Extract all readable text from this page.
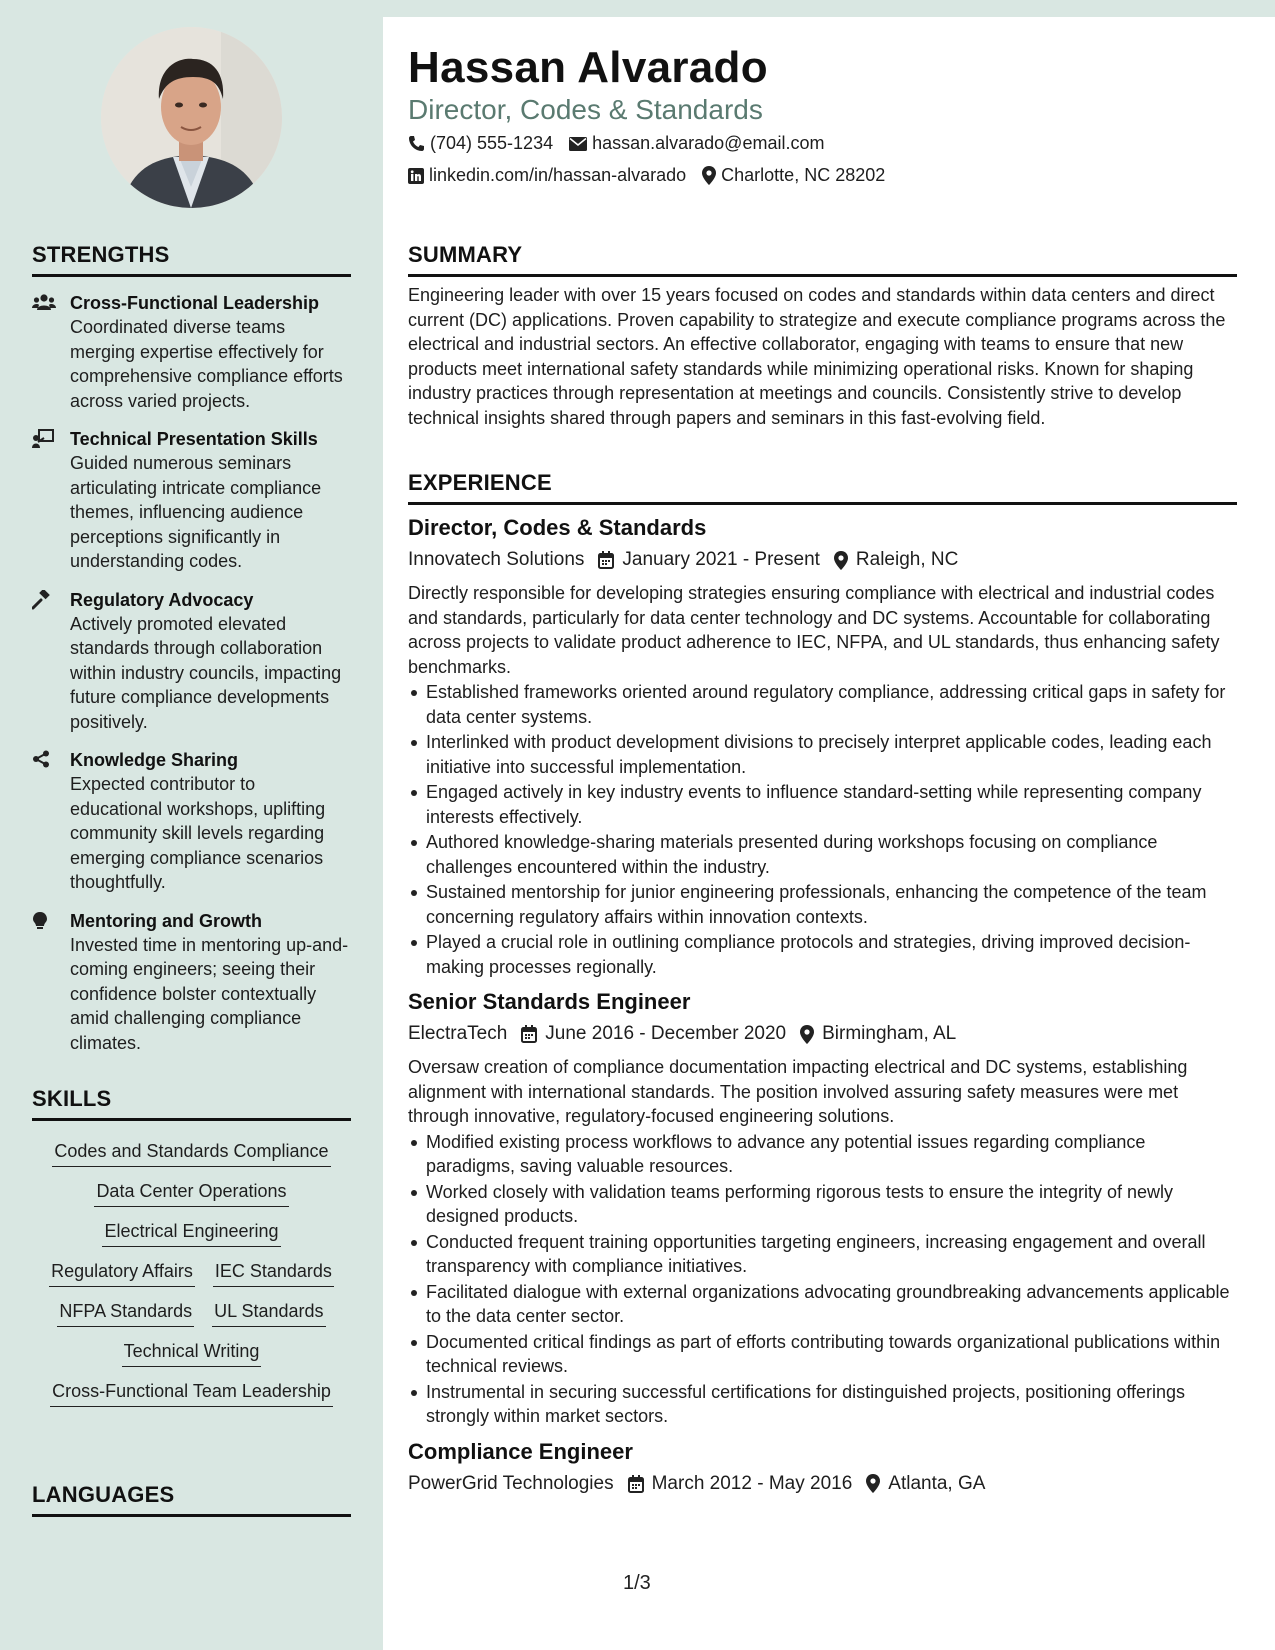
STRENGTHS
Cross-Functional Leadership
Coordinated diverse teams merging expertise effectively for comprehensive compliance efforts across varied projects.
Technical Presentation Skills
Guided numerous seminars articulating intricate compliance themes, influencing audience perceptions significantly in understanding codes.
Regulatory Advocacy
Actively promoted elevated standards through collaboration within industry councils, impacting future compliance developments positively.
Knowledge Sharing
Expected contributor to educational workshops, uplifting community skill levels regarding emerging compliance scenarios thoughtfully.
Mentoring and Growth
Invested time in mentoring up-and-coming engineers; seeing their confidence bolster contextually amid challenging compliance climates.
SKILLS
Codes and Standards Compliance
Data Center Operations
Electrical Engineering
Regulatory Affairs IEC Standards
NFPA Standards UL Standards
Technical Writing
Cross-Functional Team Leadership
LANGUAGES
Hassan Alvarado
Director, Codes & Standards
(704) 555-1234 hassan.alvarado@email.com
linkedin.com/in/hassan-alvarado Charlotte, NC 28202
SUMMARY
Engineering leader with over 15 years focused on codes and standards within data centers and direct current (DC) applications. Proven capability to strategize and execute compliance programs across the electrical and industrial sectors. An effective collaborator, engaging with teams to ensure that new products meet international safety standards while minimizing operational risks. Known for shaping industry practices through representation at meetings and councils. Consistently strive to develop technical insights shared through papers and seminars in this fast-evolving field.
EXPERIENCE
Director, Codes & Standards
Innovatech Solutions January 2021 - Present Raleigh, NC
Directly responsible for developing strategies ensuring compliance with electrical and industrial codes and standards, particularly for data center technology and DC systems. Accountable for collaborating across projects to validate product adherence to IEC, NFPA, and UL standards, thus enhancing safety benchmarks.
Established frameworks oriented around regulatory compliance, addressing critical gaps in safety for data center systems.
Interlinked with product development divisions to precisely interpret applicable codes, leading each initiative into successful implementation.
Engaged actively in key industry events to influence standard-setting while representing company interests effectively.
Authored knowledge-sharing materials presented during workshops focusing on compliance challenges encountered within the industry.
Sustained mentorship for junior engineering professionals, enhancing the competence of the team concerning regulatory affairs within innovation contexts.
Played a crucial role in outlining compliance protocols and strategies, driving improved decision-making processes regionally.
Senior Standards Engineer
ElectraTech June 2016 - December 2020 Birmingham, AL
Oversaw creation of compliance documentation impacting electrical and DC systems, establishing alignment with international standards. The position involved assuring safety measures were met through innovative, regulatory-focused engineering solutions.
Modified existing process workflows to advance any potential issues regarding compliance paradigms, saving valuable resources.
Worked closely with validation teams performing rigorous tests to ensure the integrity of newly designed products.
Conducted frequent training opportunities targeting engineers, increasing engagement and overall transparency with compliance initiatives.
Facilitated dialogue with external organizations advocating groundbreaking advancements applicable to the data center sector.
Documented critical findings as part of efforts contributing towards organizational publications within technical reviews.
Instrumental in securing successful certifications for distinguished projects, positioning offerings strongly within market sectors.
Compliance Engineer
PowerGrid Technologies March 2012 - May 2016 Atlanta, GA
1/3
